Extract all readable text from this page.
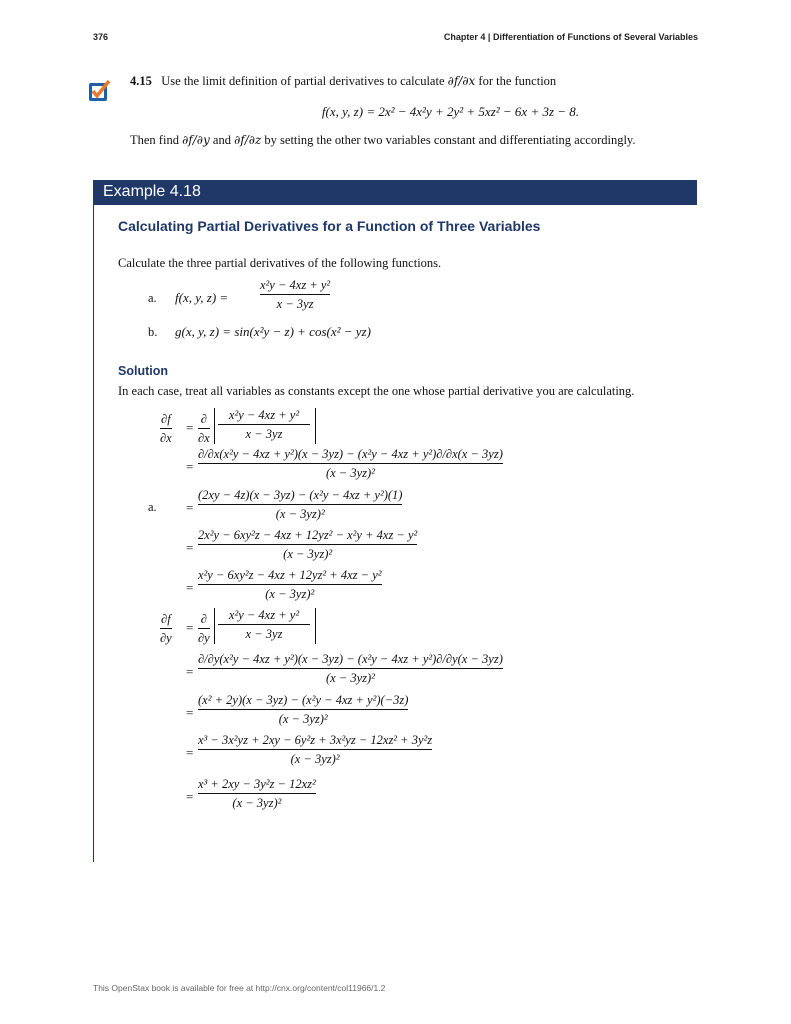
376	Chapter 4 | Differentiation of Functions of Several Variables
4.15 Use the limit definition of partial derivatives to calculate ∂f/∂x for the function
f(x, y, z) = 2x² − 4x²y + 2y² + 5xz² − 6x + 3z − 8.
Then find ∂f/∂y and ∂f/∂z by setting the other two variables constant and differentiating accordingly.
Example 4.18
Calculating Partial Derivatives for a Function of Three Variables
Calculate the three partial derivatives of the following functions.
a. f(x, y, z) =
x²y − 4xz + y²
x − 3yz
b. g(x, y, z) = sin(x²y − z) + cos(x² − yz)
Solution
In each case, treat all variables as constants except the one whose partial derivative you are calculating.
a.
∂f
∂x
=
∂
∂x
x²y − 4xz + y²
x − 3yz
=
∂/∂x(x²y − 4xz + y²)(x − 3yz) − (x²y − 4xz + y²)∂/∂x(x − 3yz)
(x − 3yz)²
=
(2xy − 4z)(x − 3yz) − (x²y − 4xz + y²)(1)
(x − 3yz)²
=
2x²y − 6xy²z − 4xz + 12yz² − x²y + 4xz − y²
(x − 3yz)²
=
x²y − 6xy²z − 4xz + 12yz² + 4xz − y²
(x − 3yz)²
∂f
∂y
=
∂
∂y
x²y − 4xz + y²
x − 3yz
=
∂/∂y(x²y − 4xz + y²)(x − 3yz) − (x²y − 4xz + y²)∂/∂y(x − 3yz)
(x − 3yz)²
=
(x² + 2y)(x − 3yz) − (x²y − 4xz + y²)(−3z)
(x − 3yz)²
=
x³ − 3x²yz + 2xy − 6y²z + 3x²yz − 12xz² + 3y²z
(x − 3yz)²
=
x³ + 2xy − 3y²z − 12xz²
(x − 3yz)²
This OpenStax book is available for free at http://cnx.org/content/col11966/1.2
